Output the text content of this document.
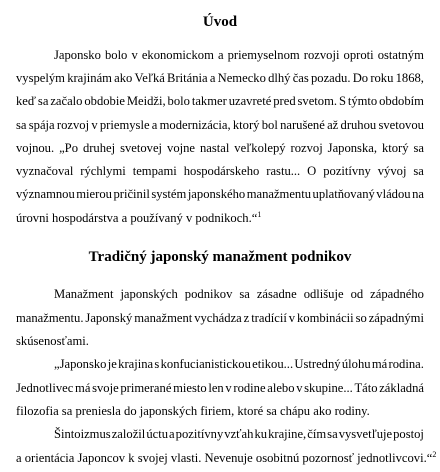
Úvod
Japonsko bolo v ekonomickom a priemyselnom rozvoji oproti ostatným
vyspelým krajinám ako Veľká Británia a Nemecko dlhý čas pozadu. Do roku 1868,
keď sa začalo obdobie Meidži, bolo takmer uzavreté pred svetom. S týmto obdobím
sa spája rozvoj v priemysle a modernizácia, ktorý bol narušené až druhou svetovou
vojnou. „Po druhej svetovej vojne nastal veľkolepý rozvoj Japonska, ktorý sa
vyznačoval rýchlymi tempami hospodárskeho rastu... O pozitívny vývoj sa
významnou mierou pričinil systém japonského manažmentu uplatňovaný vládou na
úrovni hospodárstva a používaný v podnikoch.“$^1$
Tradičný japonský manažment podnikov
Manažment japonských podnikov sa zásadne odlišuje od západného
manažmentu. Japonský manažment vychádza z tradícií v kombinácii so západnými
skúsenosťami.
„Japonsko je krajina s konfucianistickou etikou... Ustredný úlohu má rodina.
Jednotlivec má svoje primerané miesto len v rodine alebo v skupine... Táto základná
filozofia sa preniesla do japonských firiem, ktoré sa chápu ako rodiny.
Šintoizmus založil úctu a pozitívny vzťah ku krajine, čím sa vysvetľuje postoj
a orientácia Japoncov k svojej vlasti. Nevenuje osobitnú pozornosť jednotlivcovi.“$^2$
